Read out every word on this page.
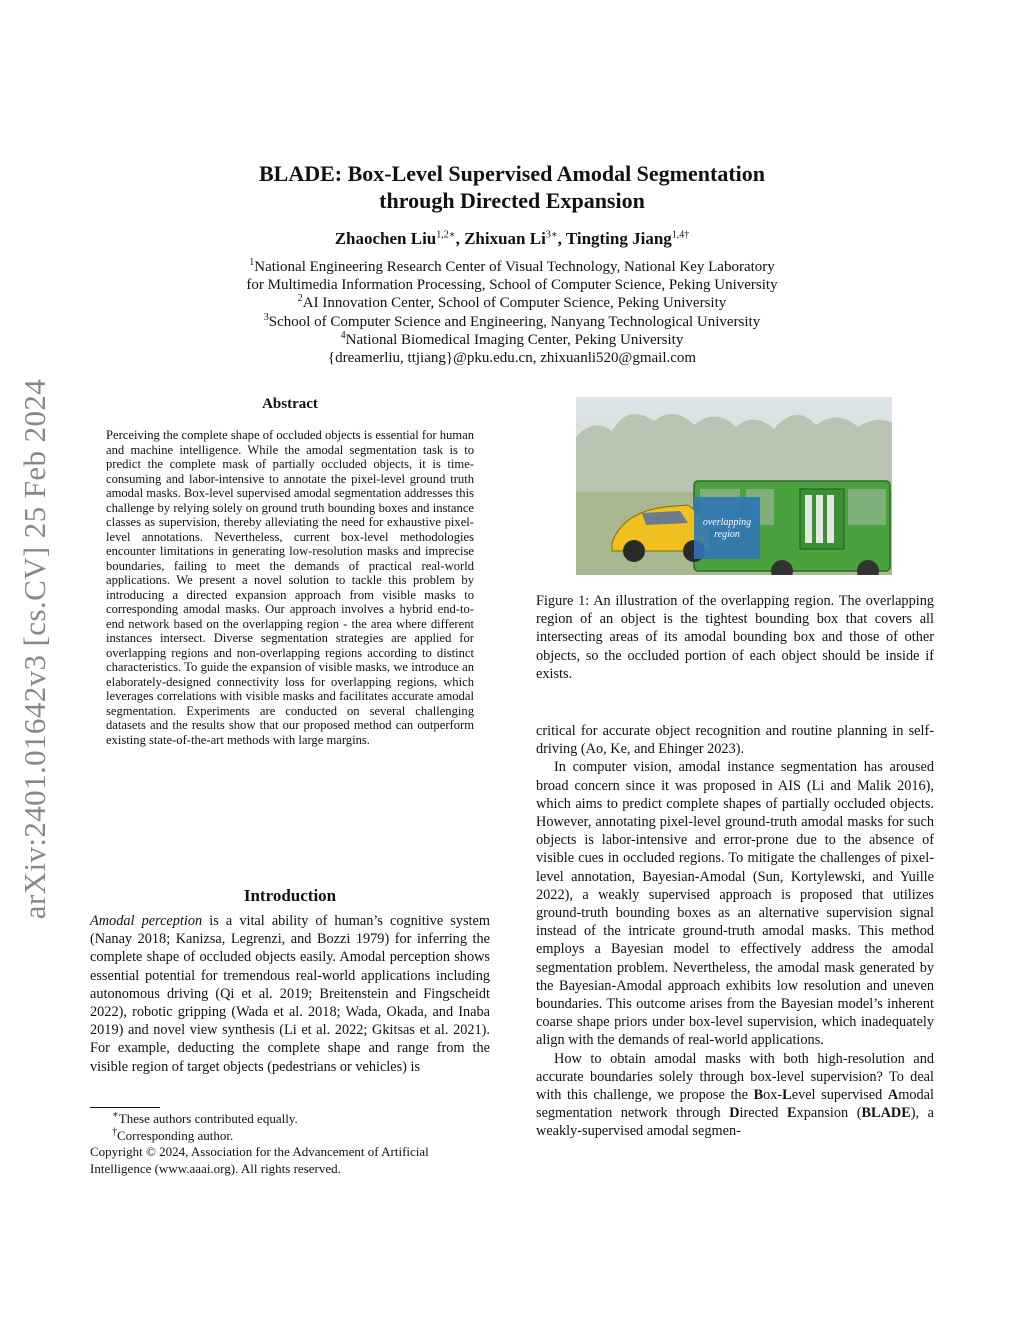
arXiv:2401.01642v3 [cs.CV] 25 Feb 2024
BLADE: Box-Level Supervised Amodal Segmentation
through Directed Expansion
Zhaochen Liu$^{1,2∗}$, Zhixuan $Li^{3∗}$, Tingting Jiang$^{1,4\dagger}$
$^1$National Engineering Research Center of Visual Technology, National Key Laboratory
for Multimedia Information Processing, School of Computer Science, Peking University
$^2$AI Innovation Center, School of Computer Science, Peking University
$^3$School of Computer Science and Engineering, Nanyang Technological University
$^4$National Biomedical Imaging Center, Peking University
{dreamerliu, ttjiang}@pku.edu.cn, zhixuanli520@gmail.com
Abstract
Perceiving the complete shape of occluded objects is essential for human and machine intelligence. While the amodal segmentation task is to predict the complete mask of partially occluded objects, it is time-consuming and labor-intensive to annotate the pixel-level ground truth amodal masks. Box-level supervised amodal segmentation addresses this challenge by relying solely on ground truth bounding boxes and instance classes as supervision, thereby alleviating the need for exhaustive pixel-level annotations. Nevertheless, current box-level methodologies encounter limitations in generating low-resolution masks and imprecise boundaries, failing to meet the demands of practical real-world applications. We present a novel solution to tackle this problem by introducing a directed expansion approach from visible masks to corresponding amodal masks. Our approach involves a hybrid end-to-end network based on the overlapping region - the area where different instances intersect. Diverse segmentation strategies are applied for overlapping regions and non-overlapping regions according to distinct characteristics. To guide the expansion of visible masks, we introduce an elaborately-designed connectivity loss for overlapping regions, which leverages correlations with visible masks and facilitates accurate amodal segmentation. Experiments are conducted on several challenging datasets and the results show that our proposed method can outperform existing state-of-the-art methods with large margins.
Introduction

Amodal perception is a vital ability of human’s cognitive system (Nanay 2018; Kanizsa, Legrenzi, and Bozzi 1979) for inferring the complete shape of occluded objects easily. Amodal perception shows essential potential for tremendous real-world applications including autonomous driving (Qi et al. 2019; Breitenstein and Fingscheidt 2022), robotic gripping (Wada et al. 2018; Wada, Okada, and Inaba 2019) and novel view synthesis (Li et al. 2022; Gkitsas et al. 2021). For example, deducting the complete shape and range from the visible region of target objects (pedestrians or vehicles) is

∗These authors contributed equally.
†Corresponding author.
Copyright © 2024, Association for the Advancement of Artificial Intelligence (www.aaai.org). All rights reserved.
overlapping
region

Figure 1: An illustration of the overlapping region. The overlapping region of an object is the tightest bounding box that covers all intersecting areas of its amodal bounding box and those of other objects, so the occluded portion of each object should be inside if exists.

critical for accurate object recognition and routine planning in self-driving (Ao, Ke, and Ehinger 2023).

In computer vision, amodal instance segmentation has aroused broad concern since it was proposed in AIS (Li and Malik 2016), which aims to predict complete shapes of partially occluded objects. However, annotating pixel-level ground-truth amodal masks for such objects is labor-intensive and error-prone due to the absence of visible cues in occluded regions. To mitigate the challenges of pixel-level annotation, Bayesian-Amodal (Sun, Kortylewski, and Yuille 2022), a weakly supervised approach is proposed that utilizes ground-truth bounding boxes as an alternative supervision signal instead of the intricate ground-truth amodal masks. This method employs a Bayesian model to effectively address the amodal segmentation problem. Nevertheless, the amodal mask generated by the Bayesian-Amodal approach exhibits low resolution and uneven boundaries. This outcome arises from the Bayesian model’s inherent coarse shape priors under box-level supervision, which inadequately align with the demands of real-world applications.

How to obtain amodal masks with both high-resolution and accurate boundaries solely through box-level supervision? To deal with this challenge, we propose the Box-Level supervised Amodal segmentation network through Directed Expansion (BLADE), a weakly-supervised amodal segmen-
